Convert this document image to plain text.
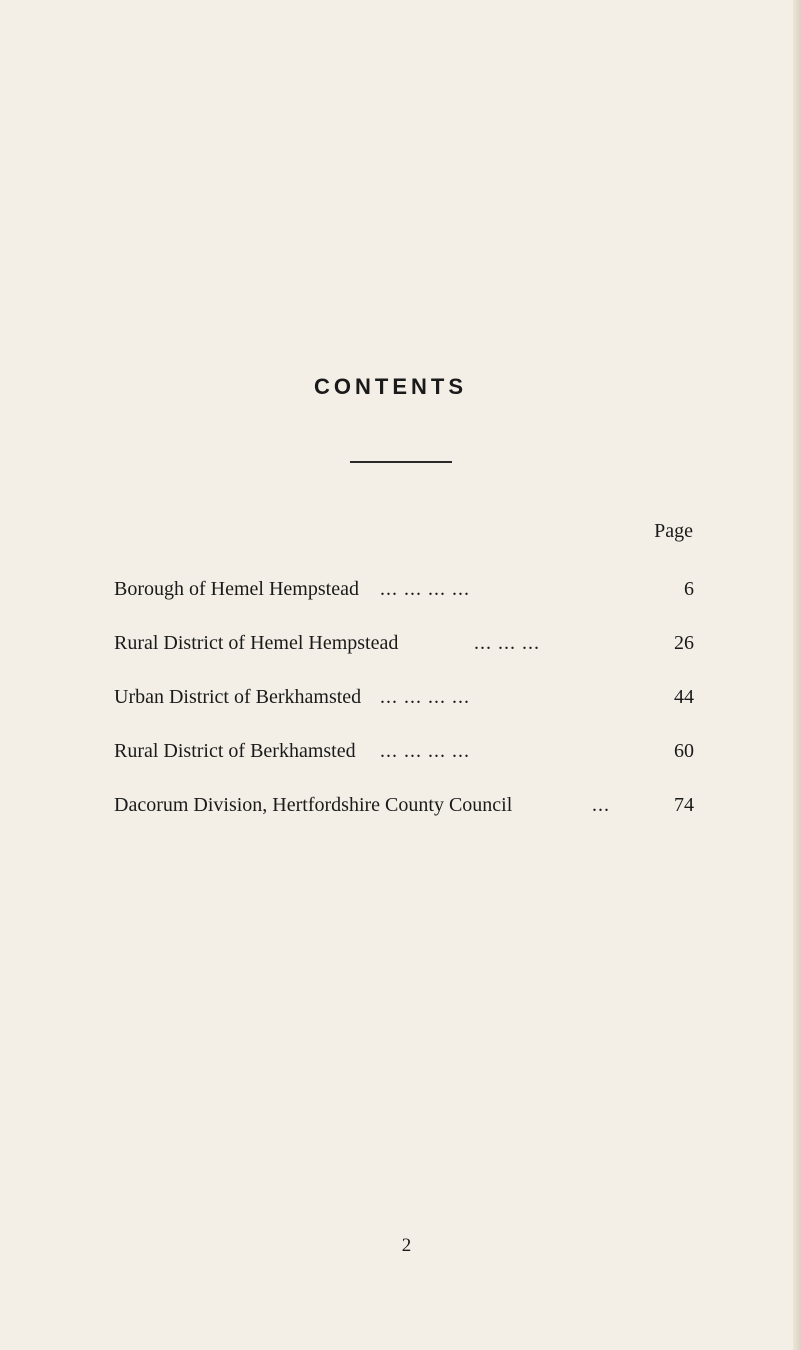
CONTENTS
Page
Borough of Hemel Hempstead ... ... ... ...	6
Rural District of Hemel Hempstead	... ... ...	26
Urban District of Berkhamsted ... ... ... ...	44
Rural District of Berkhamsted ... ... ... ...	60
Dacorum Division, Hertfordshire County Council	...	74
2
